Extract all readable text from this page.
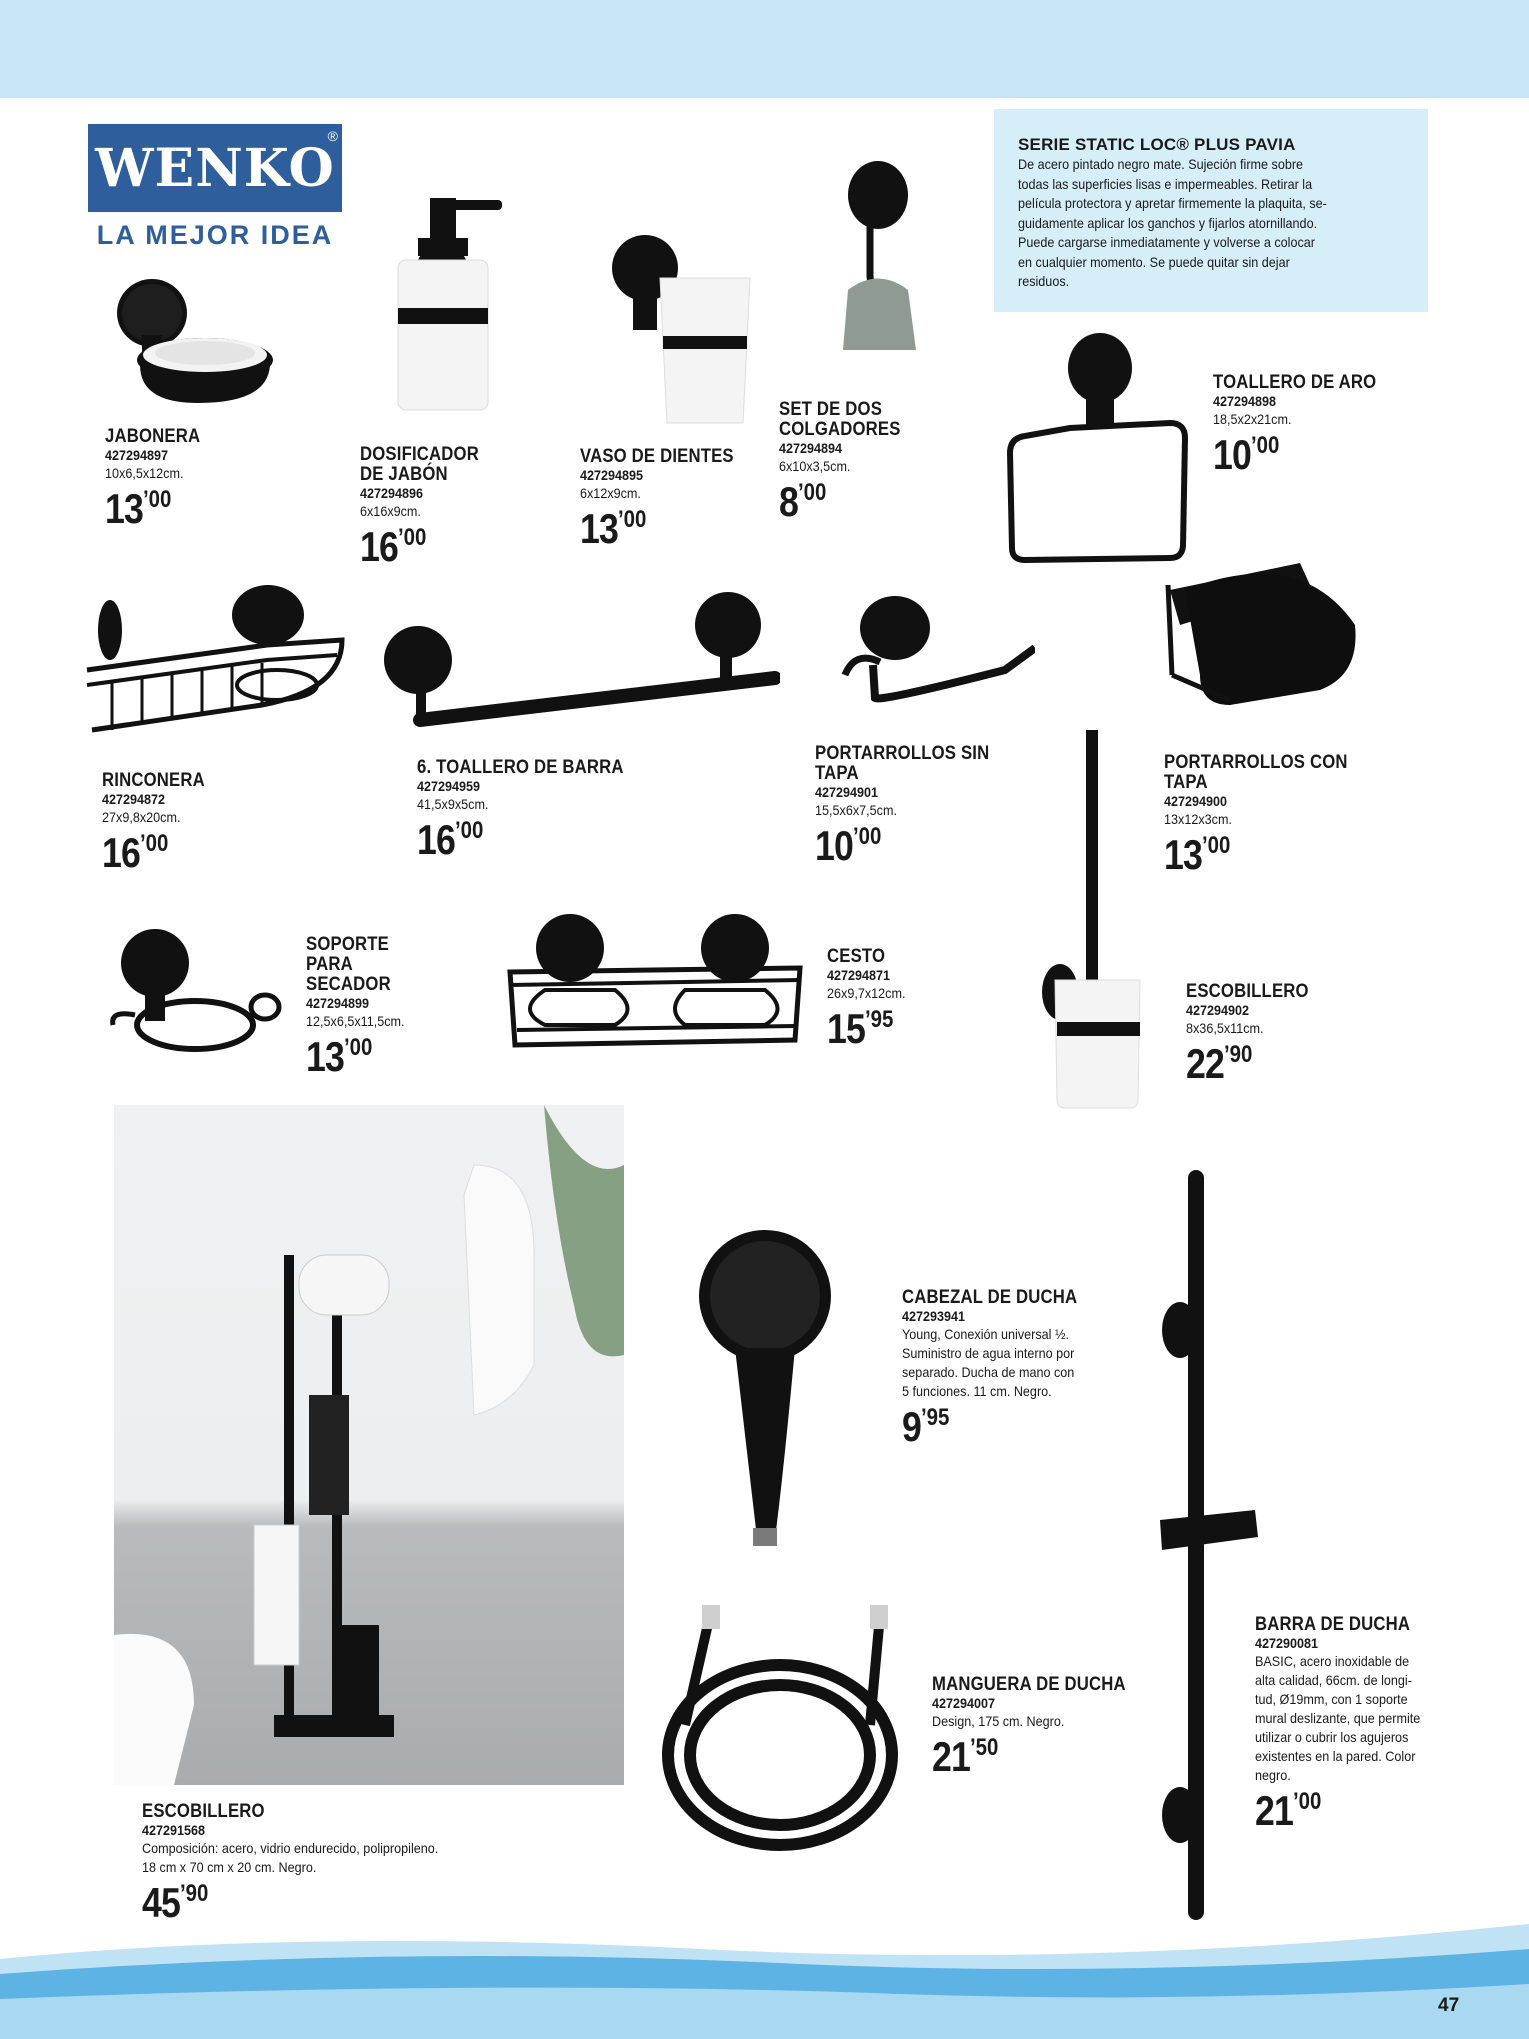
WENKO
®
LA MEJOR IDEA
SERIE STATIC LOC® PLUS PAVIA

De acero pintado negro mate. Sujeción firme sobre
todas las superficies lisas e impermeables. Retirar la
película protectora y apretar firmemente la plaquita, se-
guidamente aplicar los ganchos y fijarlos atornillando.
Puede cargarse inmediatamente y volverse a colocar
en cualquier momento. Se puede quitar sin dejar
residuos.

JABONERA
427294897
10x6,5x12cm.
13’00
DOSIFICADOR DE JABÓN
427294896
6x16x9cm.
16’00
VASO DE DIENTES
427294895
6x12x9cm.
13’00
SET DE DOS COLGADORES
427294894
6x10x3,5cm.
8’00
TOALLERO DE ARO
427294898
18,5x2x21cm.
10’00
RINCONERA
427294872
27x9,8x20cm.
16’00
6. TOALLERO DE BARRA
427294959
41,5x9x5cm.
16’00
PORTARROLLOS SIN TAPA
427294901
15,5x6x7,5cm.
10’00
PORTARROLLOS CON TAPA
427294900
13x12x3cm.
13’00
SOPORTE PARA SECADOR
427294899
12,5x6,5x11,5cm.
13’00
CESTO
427294871
26x9,7x12cm.
15’95
ESCOBILLERO
427294902
8x36,5x11cm.
22’90
CABEZAL DE DUCHA
427293941
Young, Conexión universal ½.
Suministro de agua interno por
separado. Ducha de mano con
5 funciones. 11 cm. Negro.
9’95
MANGUERA DE DUCHA
427294007
Design, 175 cm. Negro.
21’50
BARRA DE DUCHA
427290081
BASIC, acero inoxidable de
alta calidad, 66cm. de longi-
tud, Ø19mm, con 1 soporte
mural deslizante, que permite
utilizar o cubrir los agujeros
existentes en la pared. Color
negro.
21’00
ESCOBILLERO
427291568
Composición: acero, vidrio endurecido, polipropileno.
18 cm x 70 cm x 20 cm. Negro.
45’90
47
